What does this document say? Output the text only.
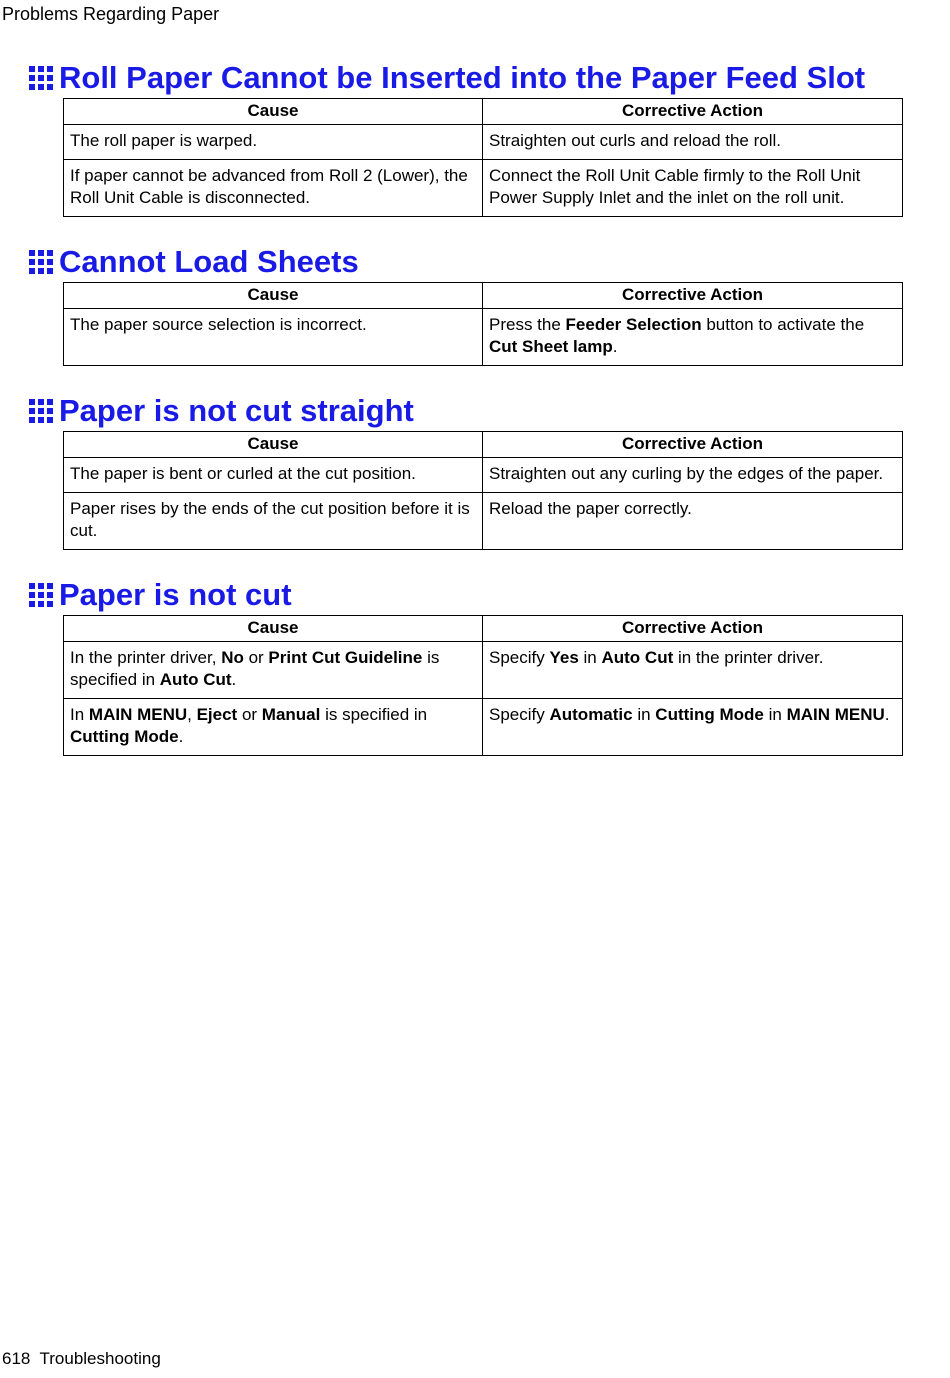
Problems Regarding Paper
Roll Paper Cannot be Inserted into the Paper Feed Slot
Cause	Corrective Action
The roll paper is warped.	Straighten out curls and reload the roll.
If paper cannot be advanced from Roll 2 (Lower), the Roll Unit Cable is disconnected.	Connect the Roll Unit Cable firmly to the Roll Unit Power Supply Inlet and the inlet on the roll unit.
Cannot Load Sheets
Cause	Corrective Action
The paper source selection is incorrect.	Press the Feeder Selection button to activate the Cut Sheet lamp.
Paper is not cut straight
Cause	Corrective Action
The paper is bent or curled at the cut position.	Straighten out any curling by the edges of the paper.
Paper rises by the ends of the cut position before it is cut.	Reload the paper correctly.
Paper is not cut
Cause	Corrective Action
In the printer driver, No or Print Cut Guideline is specified in Auto Cut.	Specify Yes in Auto Cut in the printer driver.
In MAIN MENU, Eject or Manual is specified in Cutting Mode.	Specify Automatic in Cutting Mode in MAIN MENU.
618  Troubleshooting
